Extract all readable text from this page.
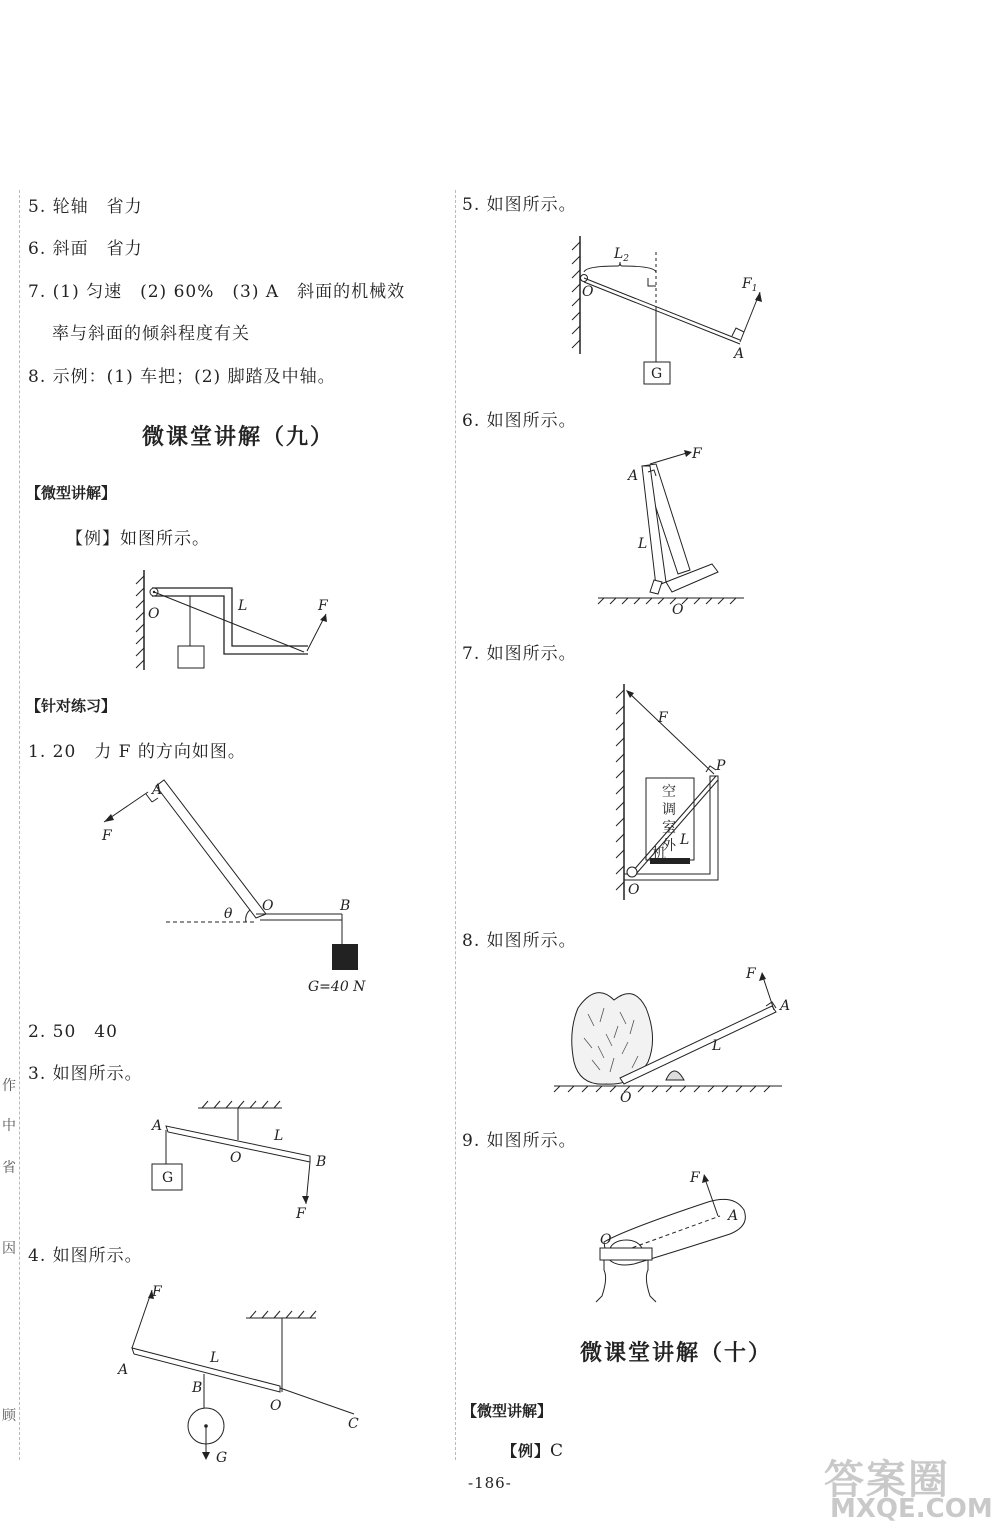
作
中
省
因
顾
5. 轮轴　省力
6. 斜面　省力
7. (1) 匀速　(2) 60%　(3) A　斜面的机械效
率与斜面的倾斜程度有关
8. 示例：(1) 车把；(2) 脚踏及中轴。
微课堂讲解（九）
【微型讲解】
【例】如图所示。
O	L	F
【针对练习】
1. 20　力 F 的方向如图。
A
F
θ O	B
G=40 N
2. 50　40
3. 如图所示。
A
O
L
B
G
F
4. 如图所示。
F
A
L
B
O
C
G
5. 如图所示。
$L_2$
O	$F_1$
A
G
6. 如图所示。
A
F
L
O
7. 如图所示。
F
P
空
调
室
外
机
L
O
8. 如图所示。
F
A
L
O
9. 如图所示。
F
A
O
微课堂讲解（十）
【微型讲解】
【例】C
-186-	答案圈
MXQE.COM
